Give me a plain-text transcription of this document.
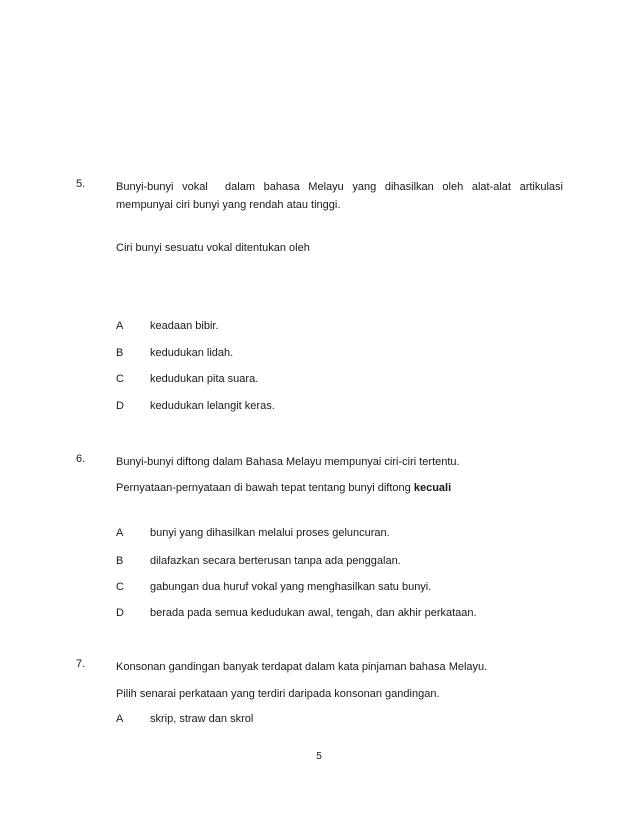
5.	Bunyi-bunyi  vokal    dalam  bahasa  Melayu  yang  dihasilkan  oleh  alat-alat  artikulasi
mempunyai ciri bunyi yang rendah atau tinggi.
Ciri bunyi sesuatu vokal ditentukan oleh
A keadaan bibir.
B kedudukan lidah.
C kedudukan pita suara.
D kedudukan lelangit keras.
6.	Bunyi-bunyi diftong dalam Bahasa Melayu mempunyai ciri-ciri tertentu.
Pernyataan-pernyataan di bawah tepat tentang bunyi diftong kecuali
A bunyi yang dihasilkan melalui proses geluncuran.
B dilafazkan secara berterusan tanpa ada penggalan.
C gabungan dua huruf vokal yang menghasilkan satu bunyi.
D berada pada semua kedudukan awal, tengah, dan akhir perkataan.
7.	Konsonan gandingan banyak terdapat dalam kata pinjaman bahasa Melayu.
Pilih senarai perkataan yang terdiri daripada konsonan gandingan.
A skrip, straw dan skrol
5
